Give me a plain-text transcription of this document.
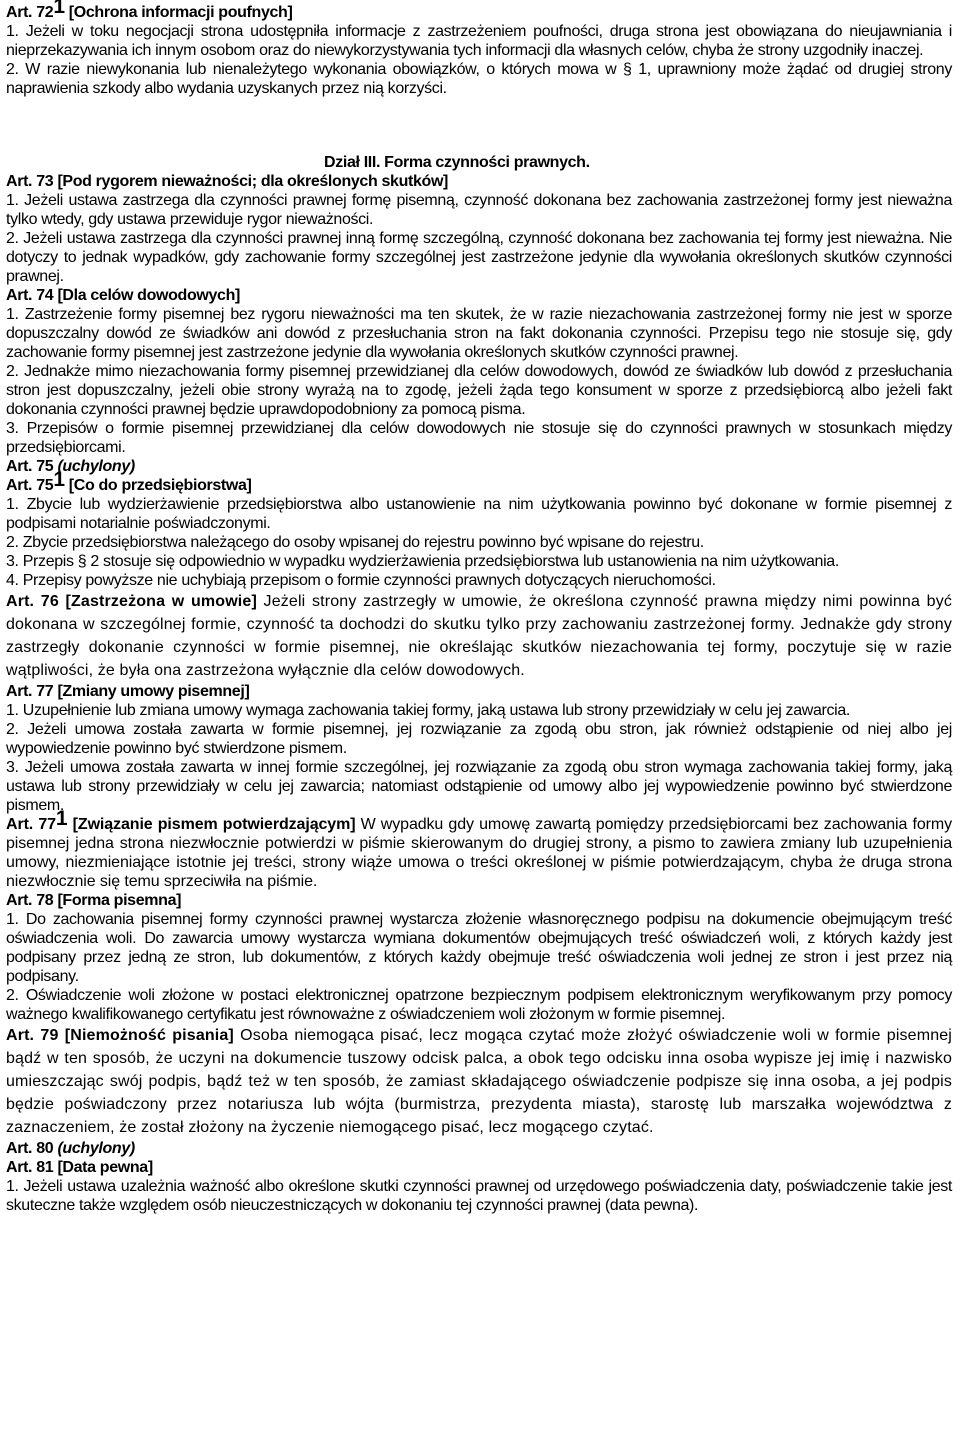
Art. 721 [Ochrona informacji poufnych]

1. Jeżeli w toku negocjacji strona udostępniła informacje z zastrzeżeniem poufności, druga strona jest obowiązana do nieujawniania i nieprzekazywania ich innym osobom oraz do niewykorzystywania tych informacji dla własnych celów, chyba że strony uzgodniły inaczej.

2. W razie niewykonania lub nienależytego wykonania obowiązków, o których mowa w § 1, uprawniony może żądać od drugiej strony naprawienia szkody albo wydania uzyskanych przez nią korzyści.

Dział III. Forma czynności prawnych.

Art. 73 [Pod rygorem nieważności; dla określonych skutków]

1. Jeżeli ustawa zastrzega dla czynności prawnej formę pisemną, czynność dokonana bez zachowania zastrzeżonej formy jest nieważna tylko wtedy, gdy ustawa przewiduje rygor nieważności.

2. Jeżeli ustawa zastrzega dla czynności prawnej inną formę szczególną, czynność dokonana bez zachowania tej formy jest nieważna. Nie dotyczy to jednak wypadków, gdy zachowanie formy szczególnej jest zastrzeżone jedynie dla wywołania określonych skutków czynności prawnej.

Art. 74 [Dla celów dowodowych]

1. Zastrzeżenie formy pisemnej bez rygoru nieważności ma ten skutek, że w razie niezachowania zastrzeżonej formy nie jest w sporze dopuszczalny dowód ze świadków ani dowód z przesłuchania stron na fakt dokonania czynności. Przepisu tego nie stosuje się, gdy zachowanie formy pisemnej jest zastrzeżone jedynie dla wywołania określonych skutków czynności prawnej.

2. Jednakże mimo niezachowania formy pisemnej przewidzianej dla celów dowodowych, dowód ze świadków lub dowód z przesłuchania stron jest dopuszczalny, jeżeli obie strony wyrażą na to zgodę, jeżeli żąda tego konsument w sporze z przedsiębiorcą albo jeżeli fakt dokonania czynności prawnej będzie uprawdopodobniony za pomocą pisma.

3. Przepisów o formie pisemnej przewidzianej dla celów dowodowych nie stosuje się do czynności prawnych w stosunkach między przedsiębiorcami.

Art. 75 (uchylony)

Art. 751 [Co do przedsiębiorstwa]

1. Zbycie lub wydzierżawienie przedsiębiorstwa albo ustanowienie na nim użytkowania powinno być dokonane w formie pisemnej z podpisami notarialnie poświadczonymi.

2. Zbycie przedsiębiorstwa należącego do osoby wpisanej do rejestru powinno być wpisane do rejestru.

3. Przepis § 2 stosuje się odpowiednio w wypadku wydzierżawienia przedsiębiorstwa lub ustanowienia na nim użytkowania.

4. Przepisy powyższe nie uchybiają przepisom o formie czynności prawnych dotyczących nieruchomości.

Art. 76 [Zastrzeżona w umowie] Jeżeli strony zastrzegły w umowie, że określona czynność prawna między nimi powinna być dokonana w szczególnej formie, czynność ta dochodzi do skutku tylko przy zachowaniu zastrzeżonej formy. Jednakże gdy strony zastrzegły dokonanie czynności w formie pisemnej, nie określając skutków niezachowania tej formy, poczytuje się w razie wątpliwości, że była ona zastrzeżona wyłącznie dla celów dowodowych.

Art. 77 [Zmiany umowy pisemnej]

1. Uzupełnienie lub zmiana umowy wymaga zachowania takiej formy, jaką ustawa lub strony przewidziały w celu jej zawarcia.

2. Jeżeli umowa została zawarta w formie pisemnej, jej rozwiązanie za zgodą obu stron, jak również odstąpienie od niej albo jej wypowiedzenie powinno być stwierdzone pismem.

3. Jeżeli umowa została zawarta w innej formie szczególnej, jej rozwiązanie za zgodą obu stron wymaga zachowania takiej formy, jaką ustawa lub strony przewidziały w celu jej zawarcia; natomiast odstąpienie od umowy albo jej wypowiedzenie powinno być stwierdzone pismem.

Art. 771 [Związanie pismem potwierdzającym] W wypadku gdy umowę zawartą pomiędzy przedsiębiorcami bez zachowania formy pisemnej jedna strona niezwłocznie potwierdzi w piśmie skierowanym do drugiej strony, a pismo to zawiera zmiany lub uzupełnienia umowy, niezmieniające istotnie jej treści, strony wiąże umowa o treści określonej w piśmie potwierdzającym, chyba że druga strona niezwłocznie się temu sprzeciwiła na piśmie.

Art. 78 [Forma pisemna]

1. Do zachowania pisemnej formy czynności prawnej wystarcza złożenie własnoręcznego podpisu na dokumencie obejmującym treść oświadczenia woli. Do zawarcia umowy wystarcza wymiana dokumentów obejmujących treść oświadczeń woli, z których każdy jest podpisany przez jedną ze stron, lub dokumentów, z których każdy obejmuje treść oświadczenia woli jednej ze stron i jest przez nią podpisany.

2. Oświadczenie woli złożone w postaci elektronicznej opatrzone bezpiecznym podpisem elektronicznym weryfikowanym przy pomocy ważnego kwalifikowanego certyfikatu jest równoważne z oświadczeniem woli złożonym w formie pisemnej.

Art. 79 [Niemożność pisania] Osoba niemogąca pisać, lecz mogąca czytać może złożyć oświadczenie woli w formie pisemnej bądź w ten sposób, że uczyni na dokumencie tuszowy odcisk palca, a obok tego odcisku inna osoba wypisze jej imię i nazwisko umieszczając swój podpis, bądź też w ten sposób, że zamiast składającego oświadczenie podpisze się inna osoba, a jej podpis będzie poświadczony przez notariusza lub wójta (burmistrza, prezydenta miasta), starostę lub marszałka województwa z zaznaczeniem, że został złożony na życzenie niemogącego pisać, lecz mogącego czytać.

Art. 80 (uchylony)

Art. 81 [Data pewna]

1. Jeżeli ustawa uzależnia ważność albo określone skutki czynności prawnej od urzędowego poświadczenia daty, poświadczenie takie jest skuteczne także względem osób nieuczestniczących w dokonaniu tej czynności prawnej (data pewna).
